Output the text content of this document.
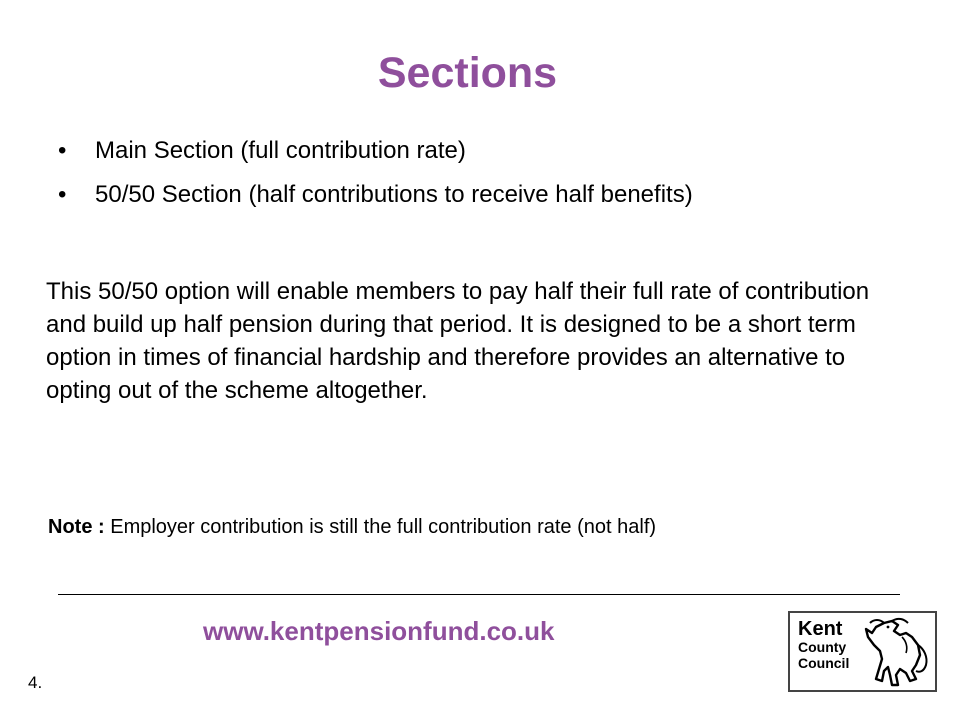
Sections
• Main Section (full contribution rate)
• 50/50 Section (half contributions to receive half benefits)

This 50/50 option will enable members to pay half their full rate of contribution and build up half pension during that period. It is designed to be a short term option in times of financial hardship and therefore provides an alternative to opting out of the scheme altogether.

Note : Employer contribution is still the full contribution rate (not half)
www.kentpensionfund.co.uk
4.
Kent
County
Council
